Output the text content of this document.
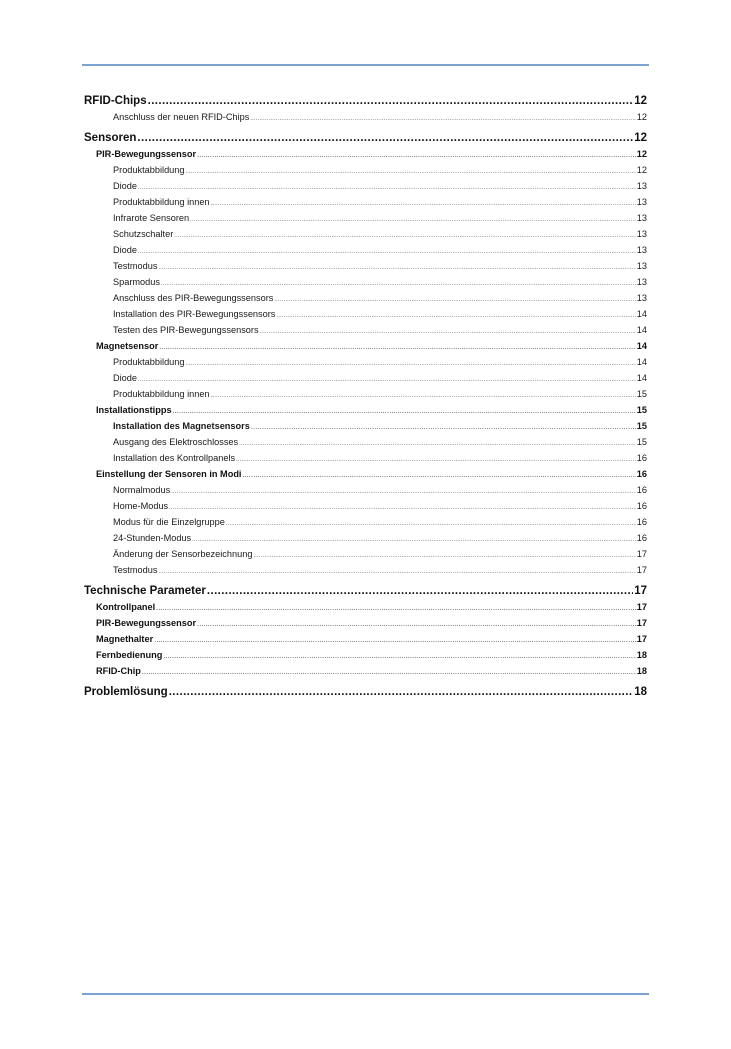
RFID-Chips .....	12
Anschluss der neuen RFID-Chips .....	12
Sensoren .....	12
PIR-Bewegungssensor .....	12
Produktabbildung .....	12
Diode .....	13
Produktabbildung innen .....	13
Infrarote Sensoren .....	13
Schutzschalter .....	13
Diode .....	13
Testmodus .....	13
Sparmodus .....	13
Anschluss des PIR-Bewegungssensors .....	13
Installation des PIR-Bewegungssensors .....	14
Testen des PIR-Bewegungssensors .....	14
Magnetsensor .....	14
Produktabbildung .....	14
Diode .....	14
Produktabbildung innen .....	15
Installationstipps .....	15
Installation des Magnetsensors .....	15
Ausgang des Elektroschlosses .....	15
Installation des Kontrollpanels .....	16
Einstellung der Sensoren in Modi .....	16
Normalmodus .....	16
Home-Modus .....	16
Modus für die Einzelgruppe .....	16
24-Stunden-Modus .....	16
Änderung der Sensorbezeichnung .....	17
Testmodus .....	17
Technische Parameter .....	17
Kontrollpanel .....	17
PIR-Bewegungssensor .....	17
Magnethalter .....	17
Fernbedienung .....	18
RFID-Chip .....	18
Problemlösung .....	18
